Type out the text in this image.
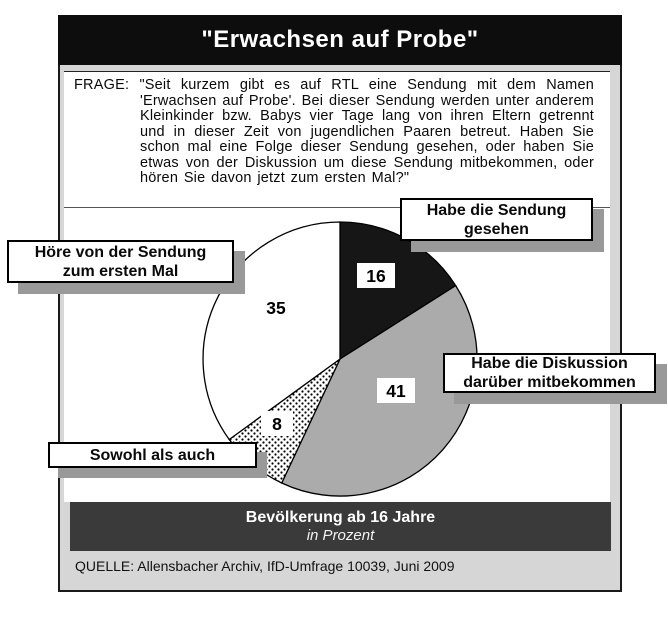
"Erwachsen auf Probe"
FRAGE: "Seit kurzem gibt es auf RTL eine Sendung mit dem Namen 'Erwachsen auf Probe'. Bei dieser Sendung werden unter anderem Kleinkinder bzw. Babys vier Tage lang von ihren Eltern getrennt und in dieser Zeit von jugendlichen Paaren betreut. Haben Sie schon mal eine Folge dieser Sendung gesehen, oder haben Sie etwas von der Diskussion um diese Sendung mitbekommen, oder hören Sie davon jetzt zum ersten Mal?"
16
41
8
35
Habe die Sendung
gesehen
Höre von der Sendung
zum ersten Mal
Habe die Diskussion
darüber mitbekommen
Sowohl als auch
Bevölkerung ab 16 Jahre
in Prozent
QUELLE: Allensbacher Archiv, IfD-Umfrage 10039, Juni 2009
